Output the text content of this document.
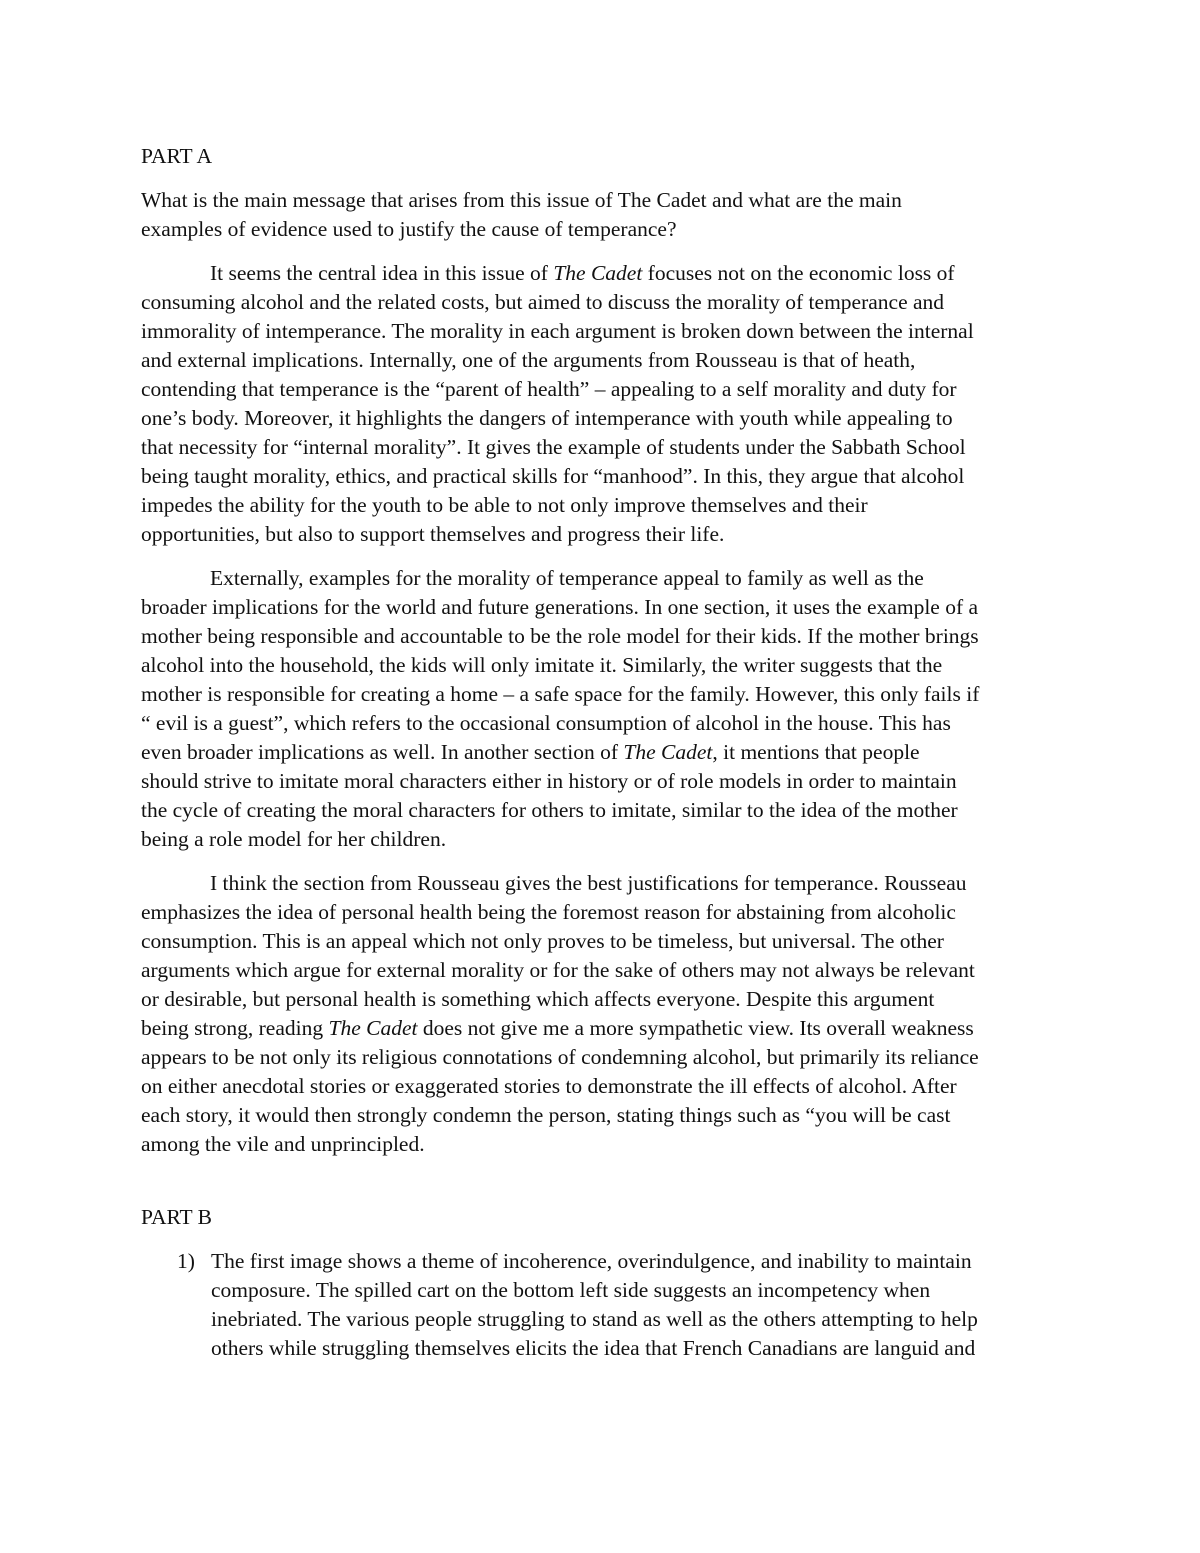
PART A

What is the main message that arises from this issue of The Cadet and what are the main
examples of evidence used to justify the cause of temperance?

It seems the central idea in this issue of The Cadet focuses not on the economic loss of
consuming alcohol and the related costs, but aimed to discuss the morality of temperance and
immorality of intemperance. The morality in each argument is broken down between the internal
and external implications. Internally, one of the arguments from Rousseau is that of heath,
contending that temperance is the “parent of health” – appealing to a self morality and duty for
one’s body. Moreover, it highlights the dangers of intemperance with youth while appealing to
that necessity for “internal morality”. It gives the example of students under the Sabbath School
being taught morality, ethics, and practical skills for “manhood”. In this, they argue that alcohol
impedes the ability for the youth to be able to not only improve themselves and their
opportunities, but also to support themselves and progress their life.

Externally, examples for the morality of temperance appeal to family as well as the
broader implications for the world and future generations. In one section, it uses the example of a
mother being responsible and accountable to be the role model for their kids. If the mother brings
alcohol into the household, the kids will only imitate it. Similarly, the writer suggests that the
mother is responsible for creating a home – a safe space for the family. However, this only fails if
“ evil is a guest”, which refers to the occasional consumption of alcohol in the house. This has
even broader implications as well. In another section of The Cadet, it mentions that people
should strive to imitate moral characters either in history or of role models in order to maintain
the cycle of creating the moral characters for others to imitate, similar to the idea of the mother
being a role model for her children.

I think the section from Rousseau gives the best justifications for temperance. Rousseau
emphasizes the idea of personal health being the foremost reason for abstaining from alcoholic
consumption. This is an appeal which not only proves to be timeless, but universal. The other
arguments which argue for external morality or for the sake of others may not always be relevant
or desirable, but personal health is something which affects everyone. Despite this argument
being strong, reading The Cadet does not give me a more sympathetic view. Its overall weakness
appears to be not only its religious connotations of condemning alcohol, but primarily its reliance
on either anecdotal stories or exaggerated stories to demonstrate the ill effects of alcohol. After
each story, it would then strongly condemn the person, stating things such as “you will be cast
among the vile and unprincipled.

PART B

1) The first image shows a theme of incoherence, overindulgence, and inability to maintain
composure. The spilled cart on the bottom left side suggests an incompetency when
inebriated. The various people struggling to stand as well as the others attempting to help
others while struggling themselves elicits the idea that French Canadians are languid and
